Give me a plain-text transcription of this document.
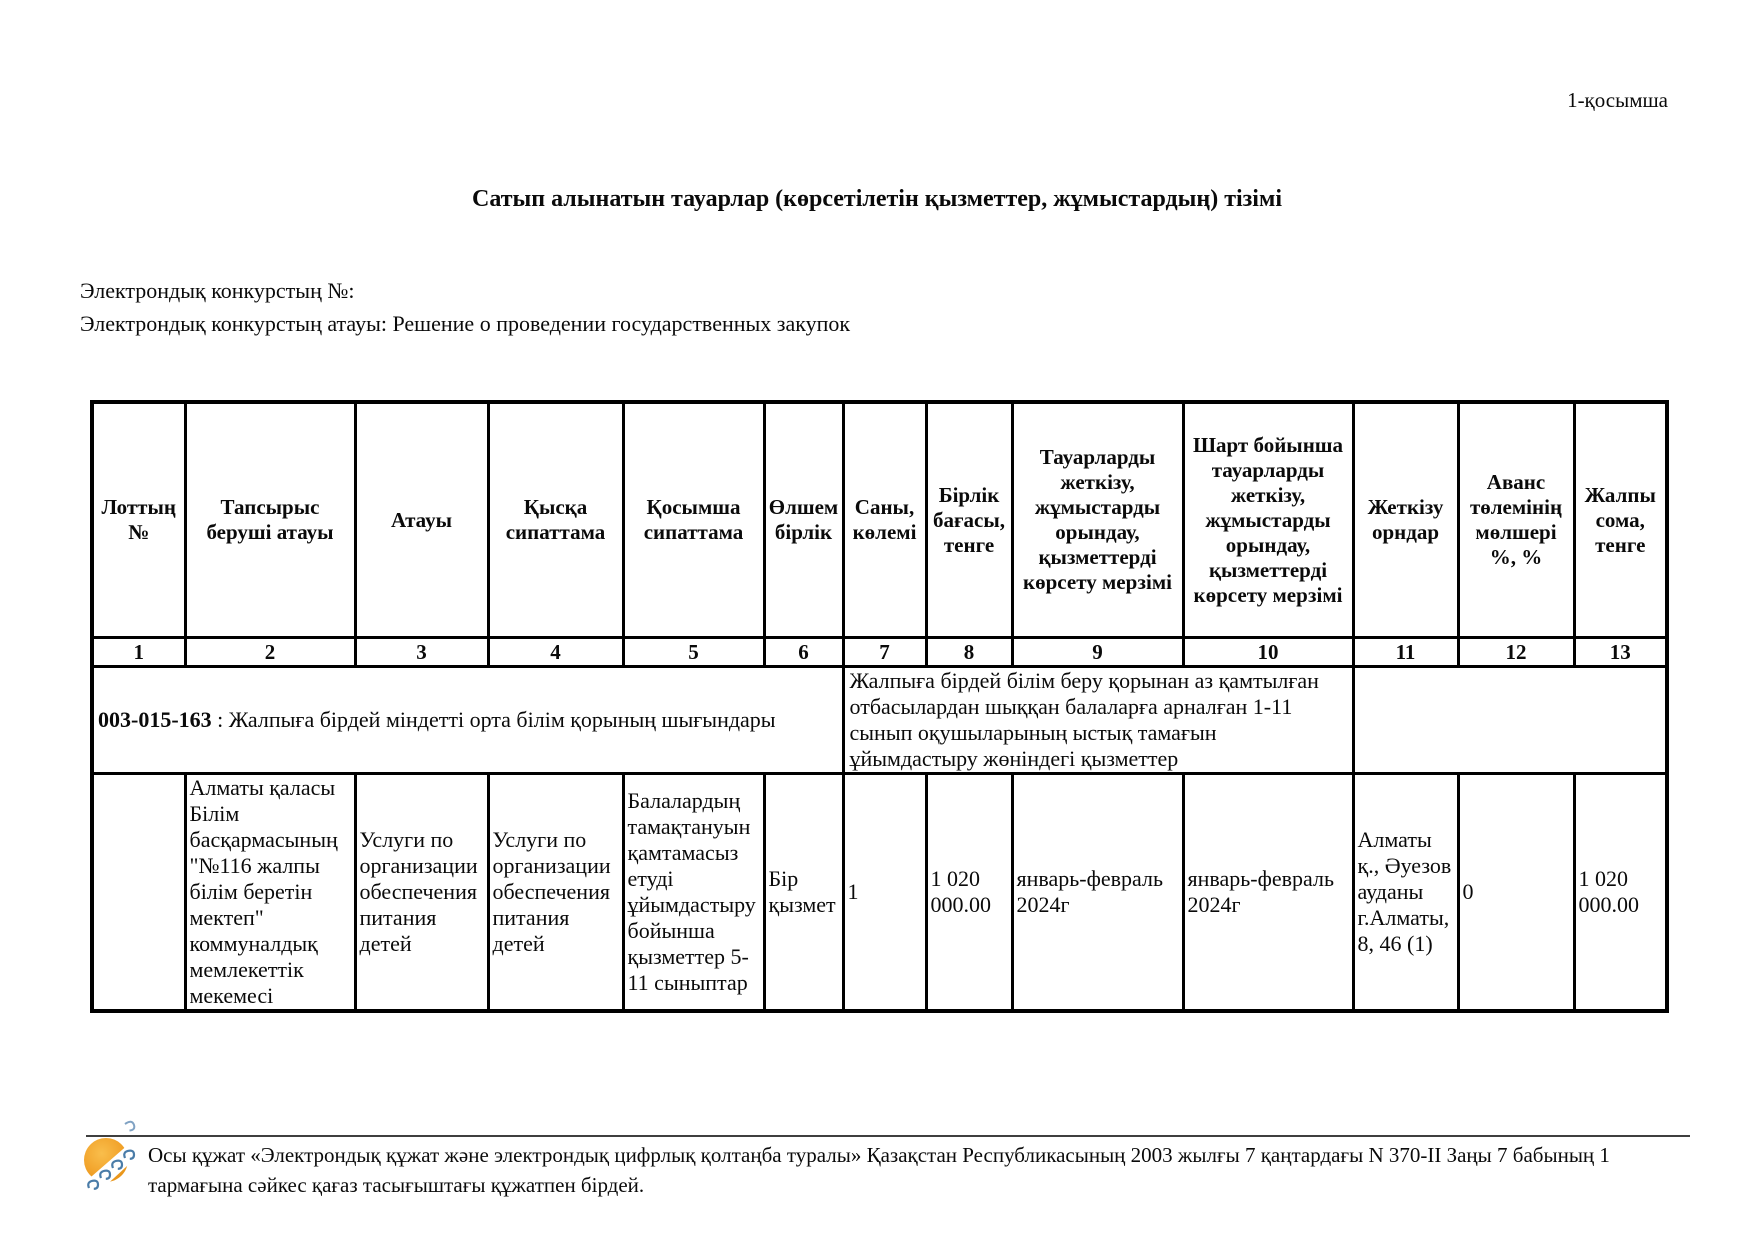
1-қосымша
Сатып алынатын тауарлар (көрсетілетін қызметтер, жұмыстардың) тізімі
Электрондық конкурстың №:
Электрондық конкурстың атауы: Решение о проведении государственных закупок
Лоттың №	Тапсырыс беруші атауы	Атауы	Қысқа сипаттама	Қосымша сипаттама	Өлшем бірлік	Саны, көлемі	Бірлік бағасы, тенге	Тауарларды жеткізу, жұмыстарды орындау, қызметтерді көрсету мерзімі	Шарт бойынша тауарларды жеткізу, жұмыстарды орындау, қызметтерді көрсету мерзімі	Жеткізу орндар	Аванс төлемінің мөлшері %, %	Жалпы сома, тенге
1	2	3	4	5	6	7	8	9	10	11	12	13
003-015-163 : Жалпыға бірдей міндетті орта білім қорының шығындары						Жалпыға бірдей білім беру қорынан аз қамтылған отбасылардан шыққан балаларға арналған 1-11 сынып оқушыларының ыстық тамағын ұйымдастыру жөніндегі қызметтер						
	Алматы қаласы Білім басқармасының "№116 жалпы білім беретін мектеп" коммуналдық мемлекеттік мекемесі	Услуги по организации обеспечения питания детей	Услуги по организации обеспечения питания детей	Балалардың тамақтануын қамтамасыз етуді ұйымдастыру бойынша қызметтер 5-11 сыныптар	Бір қызмет	1	1 020 000.00	январь-февраль 2024г	январь-февраль 2024г	Алматы қ., Әуезов ауданы г.Алматы, 8, 46 (1)	0	1 020 000.00
Осы құжат «Электрондық құжат және электрондық цифрлық қолтаңба туралы» Қазақстан Республикасының 2003 жылғы 7 қаңтардағы N 370-II Заңы 7 бабының 1
тармағына сәйкес қағаз тасығыштағы құжатпен бірдей.
